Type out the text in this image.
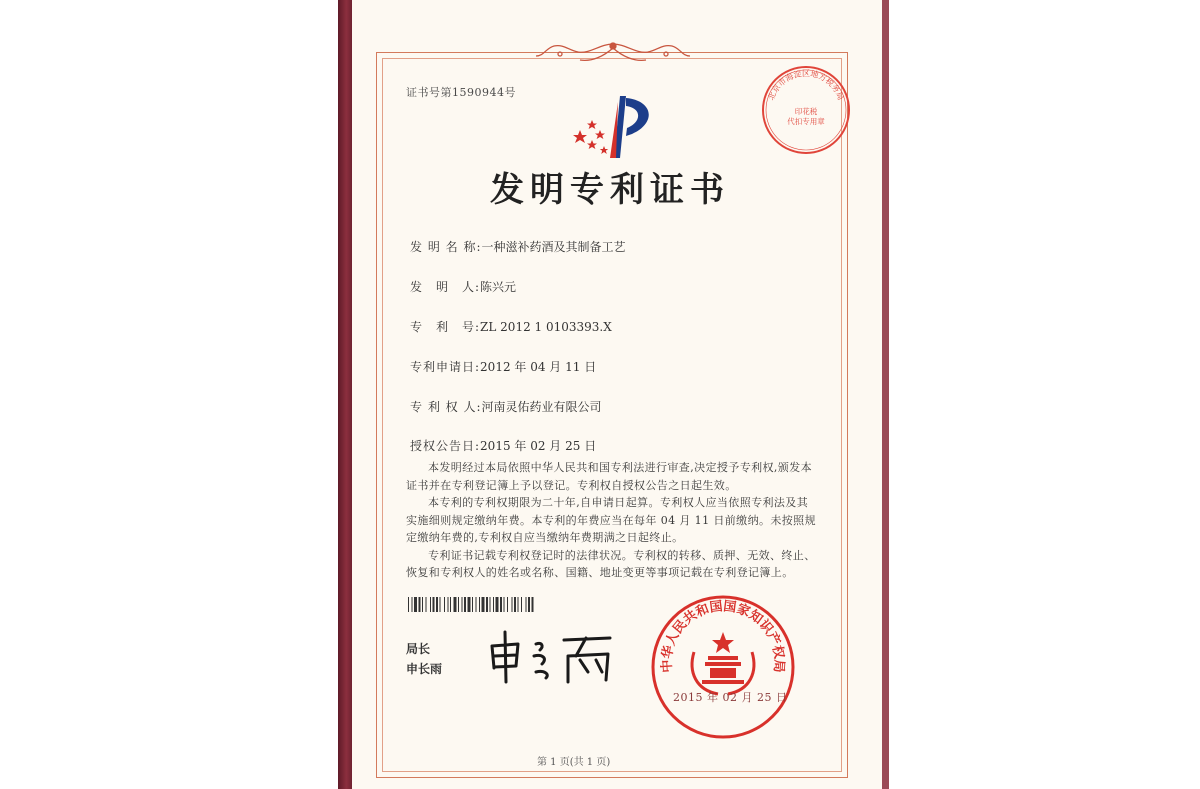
证书号第1590944号	北京市海淀区地方税务局
印花税
代扣专用章
发明专利证书
发 明 名 称:一种滋补药酒及其制备工艺
发　明　人:陈兴元
专　利　号:ZL 2012 1 0103393.X
专利申请日:2012 年 04 月 11 日
专 利 权 人:河南灵佑药业有限公司
授权公告日:2015 年 02 月 25 日

本发明经过本局依照中华人民共和国专利法进行审查,决定授予专利权,颁发本证书并在专利登记簿上予以登记。专利权自授权公告之日起生效。

本专利的专利权期限为二十年,自申请日起算。专利权人应当依照专利法及其实施细则规定缴纳年费。本专利的年费应当在每年 04 月 11 日前缴纳。未按照规定缴纳年费的,专利权自应当缴纳年费期满之日起终止。

专利证书记载专利权登记时的法律状况。专利权的转移、质押、无效、终止、恢复和专利权人的姓名或名称、国籍、地址变更等事项记载在专利登记簿上。

局长
申长雨	中华人民共和国国家知识产权局
2015 年 02 月 25 日
第 1 页(共 1 页)
